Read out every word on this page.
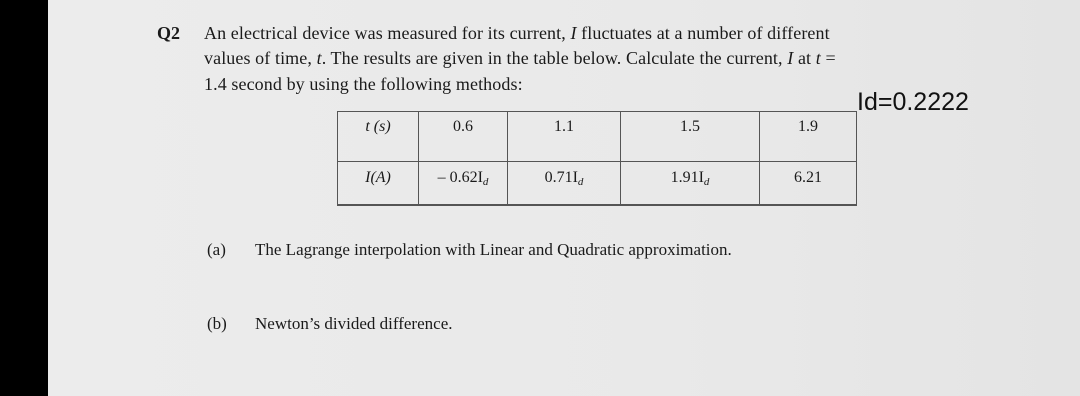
Q2 An electrical device was measured for its current, I fluctuates at a number of different
values of time, t. The results are given in the table below. Calculate the current, I at t =
1.4 second by using the following methods:
Id=0.2222
t (s)	0.6	1.1	1.5	1.9

I(A)	– $0.62I_d$	$0.71I_d$	$1.91I_d$	6.21
(a) The Lagrange interpolation with Linear and Quadratic approximation.
(b) Newton’s divided difference.
